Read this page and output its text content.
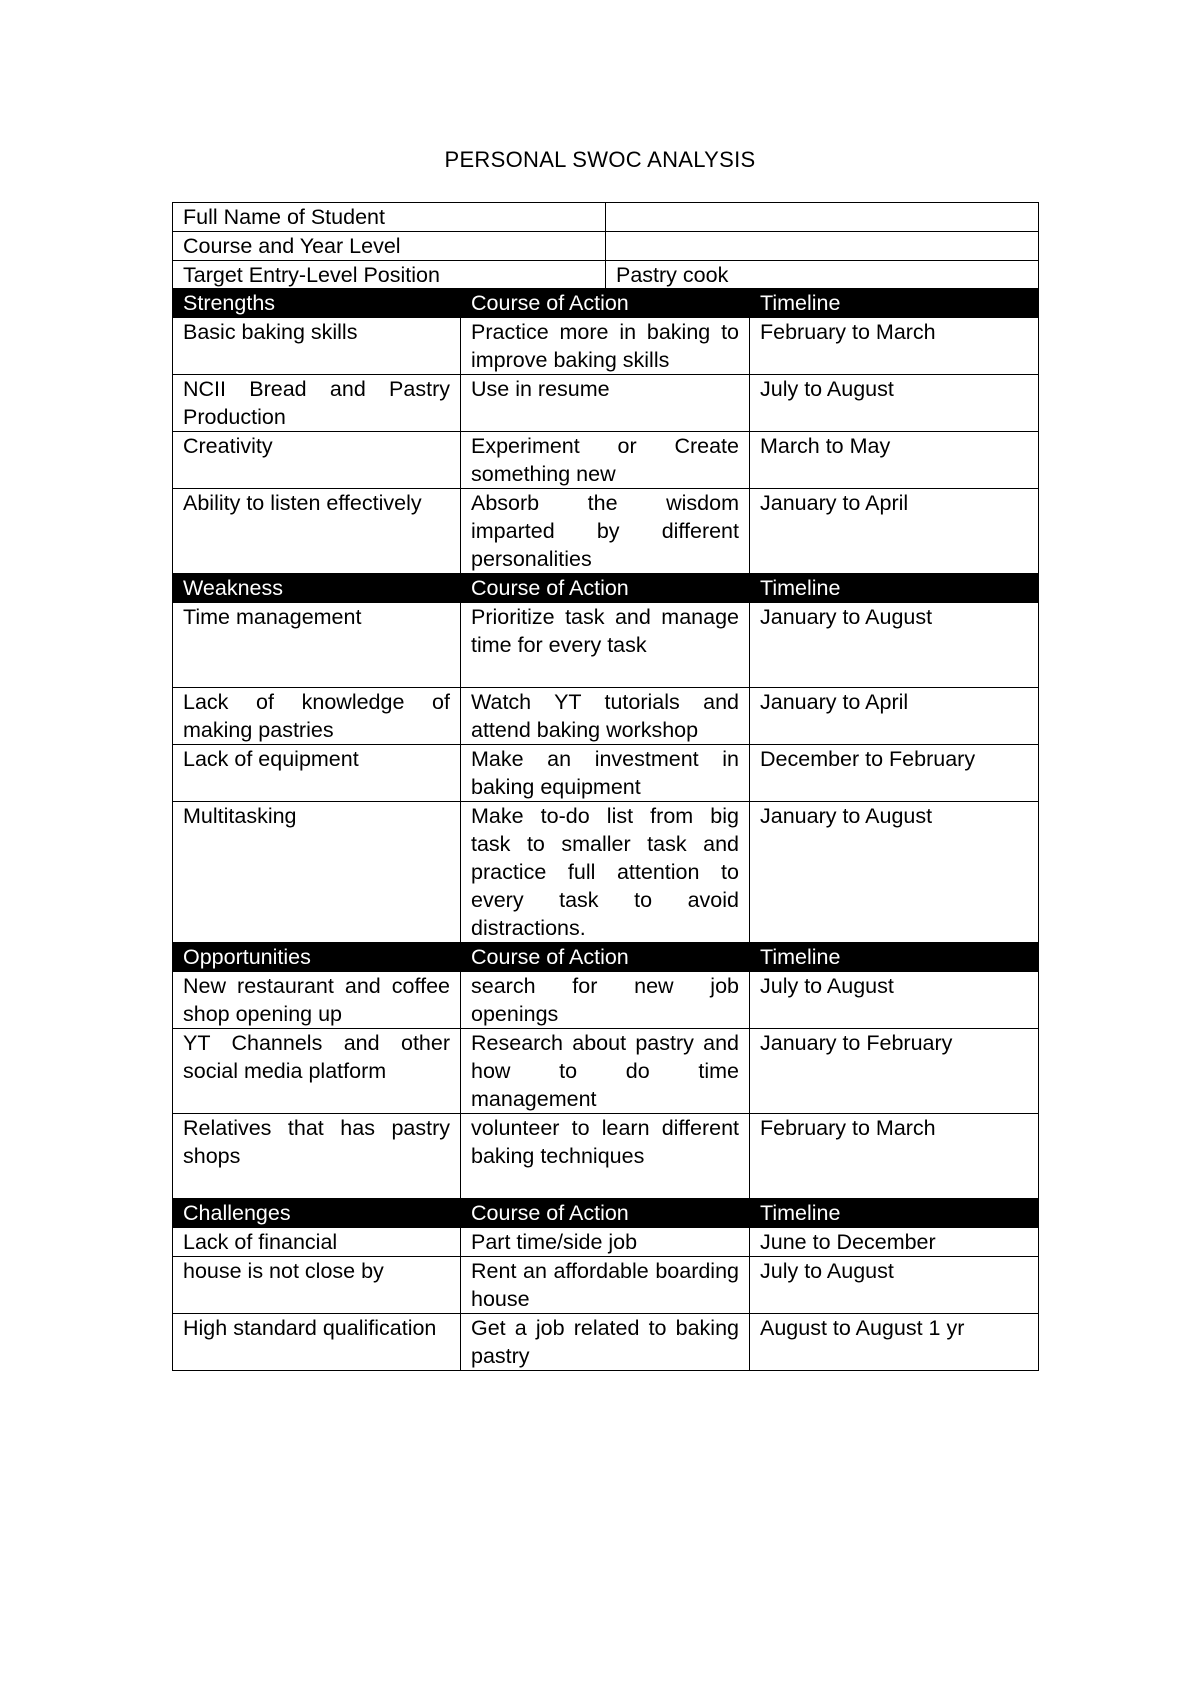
PERSONAL SWOC ANALYSIS
Full Name of Student	
Course and Year Level	
Target Entry-Level Position	Pastry cook
Strengths	Course of Action	Timeline
Basic baking skills	Practice more in baking to improve baking skills	February to March
NCII Bread and Pastry Production	Use in resume	July to August
Creativity	Experiment or Create something new	March to May
Ability to listen effectively	Absorb the wisdom imparted by different personalities	January to April
Weakness	Course of Action	Timeline
Time management	Prioritize task and manage time for every task	January to August
Lack of knowledge of making pastries	Watch YT tutorials and attend baking workshop	January to April
Lack of equipment	Make an investment in baking equipment	December to February
Multitasking	Make to-do list from big task to smaller task and practice full attention to every task to avoid distractions.	January to August
Opportunities	Course of Action	Timeline
New restaurant and coffee shop opening up	search for new job openings	July to August
YT Channels and other social media platform	Research about pastry and how to do time management	January to February
Relatives that has pastry shops	volunteer to learn different baking techniques	February to March
Challenges	Course of Action	Timeline
Lack of financial	Part time/side job	June to December
house is not close by	Rent an affordable boarding house	July to August
High standard qualification	Get a job related to baking pastry	August to August 1 yr
